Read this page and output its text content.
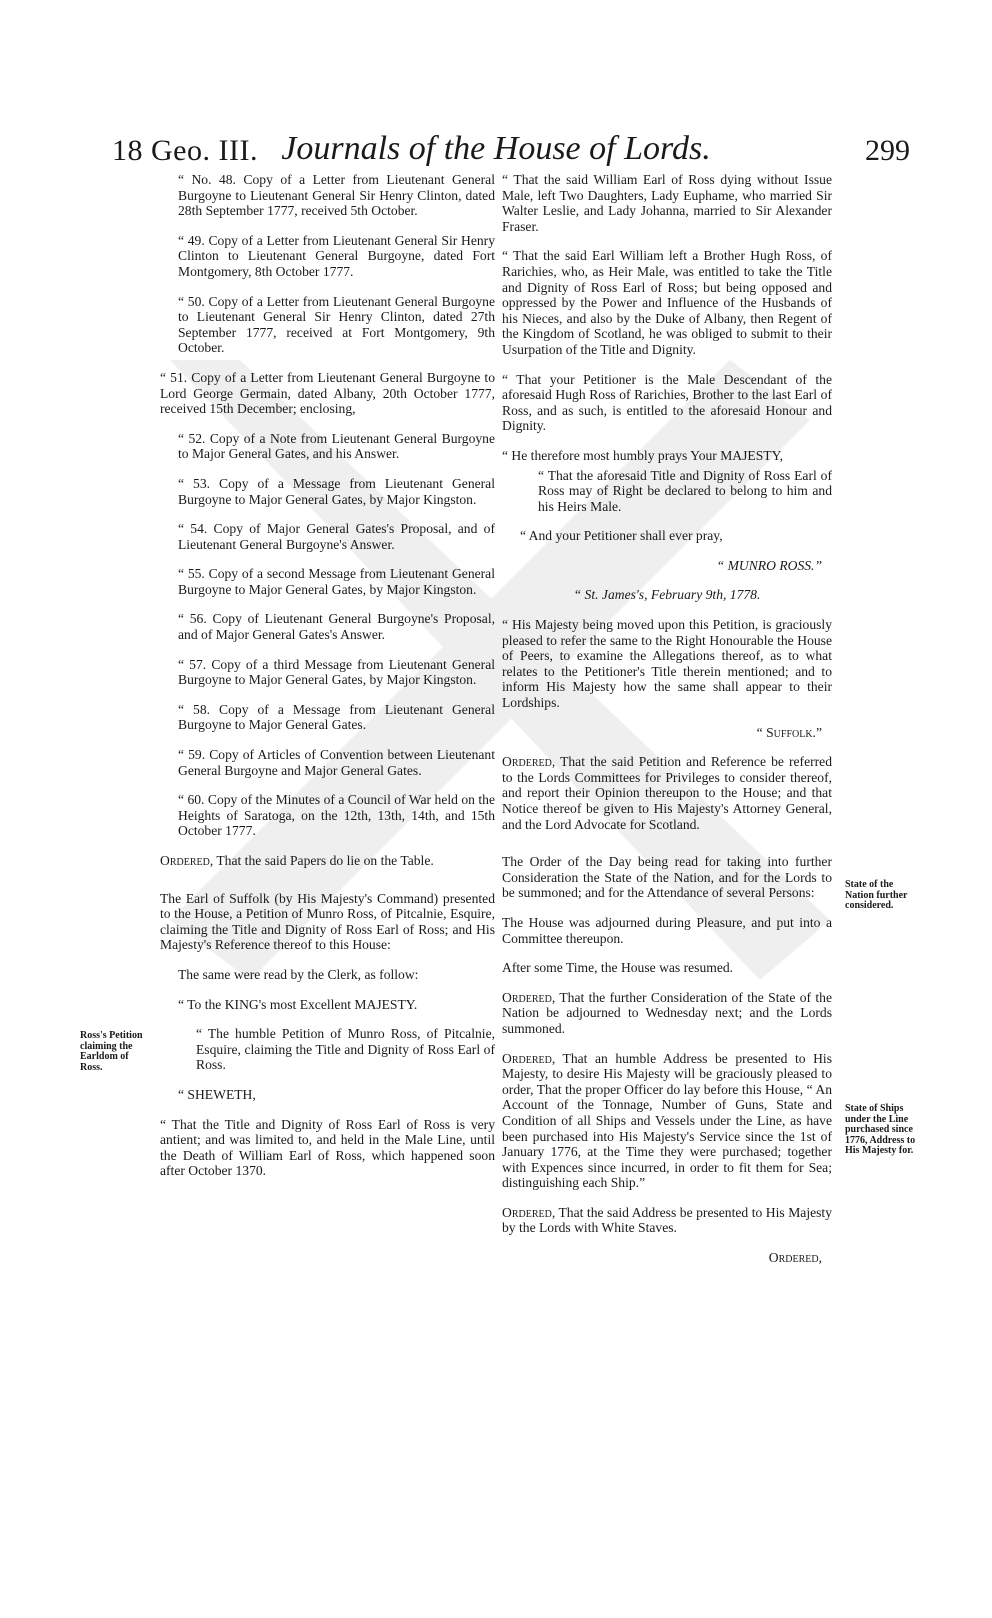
18 Geo. III. Journals of the House of Lords.	299
Ross's Petition claiming the Earldom of Ross.
State of the Nation further considered.
State of Ships under the Line purchased since 1776, Address to His Majesty for.

“ No. 48. Copy of a Letter from Lieutenant General Burgoyne to Lieutenant General Sir Henry Clinton, dated 28th September 1777, received 5th October.

“ 49. Copy of a Letter from Lieutenant General Sir Henry Clinton to Lieutenant General Burgoyne, dated Fort Montgomery, 8th October 1777.

“ 50. Copy of a Letter from Lieutenant General Burgoyne to Lieutenant General Sir Henry Clinton, dated 27th September 1777, received at Fort Montgomery, 9th October.

“ 51. Copy of a Letter from Lieutenant General Burgoyne to Lord George Germain, dated Albany, 20th October 1777, received 15th December; enclosing,

“ 52. Copy of a Note from Lieutenant General Burgoyne to Major General Gates, and his Answer.

“ 53. Copy of a Message from Lieutenant General Burgoyne to Major General Gates, by Major Kingston.

“ 54. Copy of Major General Gates's Proposal, and of Lieutenant General Burgoyne's Answer.

“ 55. Copy of a second Message from Lieutenant General Burgoyne to Major General Gates, by Major Kingston.

“ 56. Copy of Lieutenant General Burgoyne's Proposal, and of Major General Gates's Answer.

“ 57. Copy of a third Message from Lieutenant General Burgoyne to Major General Gates, by Major Kingston.

“ 58. Copy of a Message from Lieutenant General Burgoyne to Major General Gates.

“ 59. Copy of Articles of Convention between Lieutenant General Burgoyne and Major General Gates.

“ 60. Copy of the Minutes of a Council of War held on the Heights of Saratoga, on the 12th, 13th, 14th, and 15th October 1777.

Ordered, That the said Papers do lie on the Table.

The Earl of Suffolk (by His Majesty's Command) presented to the House, a Petition of Munro Ross, of Pitcalnie, Esquire, claiming the Title and Dignity of Ross Earl of Ross; and His Majesty's Reference thereof to this House:

The same were read by the Clerk, as follow:

“ To the KING's most Excellent MAJESTY.

“ The humble Petition of Munro Ross, of Pitcalnie, Esquire, claiming the Title and Dignity of Ross Earl of Ross.

“ SHEWETH,

“ That the Title and Dignity of Ross Earl of Ross is very antient; and was limited to, and held in the Male Line, until the Death of William Earl of Ross, which happened soon after October 1370.

“ That the said William Earl of Ross dying without Issue Male, left Two Daughters, Lady Euphame, who married Sir Walter Leslie, and Lady Johanna, married to Sir Alexander Fraser.

“ That the said Earl William left a Brother Hugh Ross, of Rarichies, who, as Heir Male, was entitled to take the Title and Dignity of Ross Earl of Ross; but being opposed and oppressed by the Power and Influence of the Husbands of his Nieces, and also by the Duke of Albany, then Regent of the Kingdom of Scotland, he was obliged to submit to their Usurpation of the Title and Dignity.

“ That your Petitioner is the Male Descendant of the aforesaid Hugh Ross of Rarichies, Brother to the last Earl of Ross, and as such, is entitled to the aforesaid Honour and Dignity.

“ He therefore most humbly prays Your MAJESTY,

“ That the aforesaid Title and Dignity of Ross Earl of Ross may of Right be declared to belong to him and his Heirs Male.

“ And your Petitioner shall ever pray,

“ MUNRO ROSS.”

“ St. James's, February 9th, 1778.

“ His Majesty being moved upon this Petition, is graciously pleased to refer the same to the Right Honourable the House of Peers, to examine the Allegations thereof, as to what relates to the Petitioner's Title therein mentioned; and to inform His Majesty how the same shall appear to their Lordships.

“ Suffolk.”

Ordered, That the said Petition and Reference be referred to the Lords Committees for Privileges to consider thereof, and report their Opinion thereupon to the House; and that Notice thereof be given to His Majesty's Attorney General, and the Lord Advocate for Scotland.

The Order of the Day being read for taking into further Consideration the State of the Nation, and for the Lords to be summoned; and for the Attendance of several Persons:

The House was adjourned during Pleasure, and put into a Committee thereupon.

After some Time, the House was resumed.

Ordered, That the further Consideration of the State of the Nation be adjourned to Wednesday next; and the Lords summoned.

Ordered, That an humble Address be presented to His Majesty, to desire His Majesty will be graciously pleased to order, That the proper Officer do lay before this House, “ An Account of the Tonnage, Number of Guns, State and Condition of all Ships and Vessels under the Line, as have been purchased into His Majesty's Service since the 1st of January 1776, at the Time they were purchased; together with Expences since incurred, in order to fit them for Sea; distinguishing each Ship.”

Ordered, That the said Address be presented to His Majesty by the Lords with White Staves.

Ordered,
